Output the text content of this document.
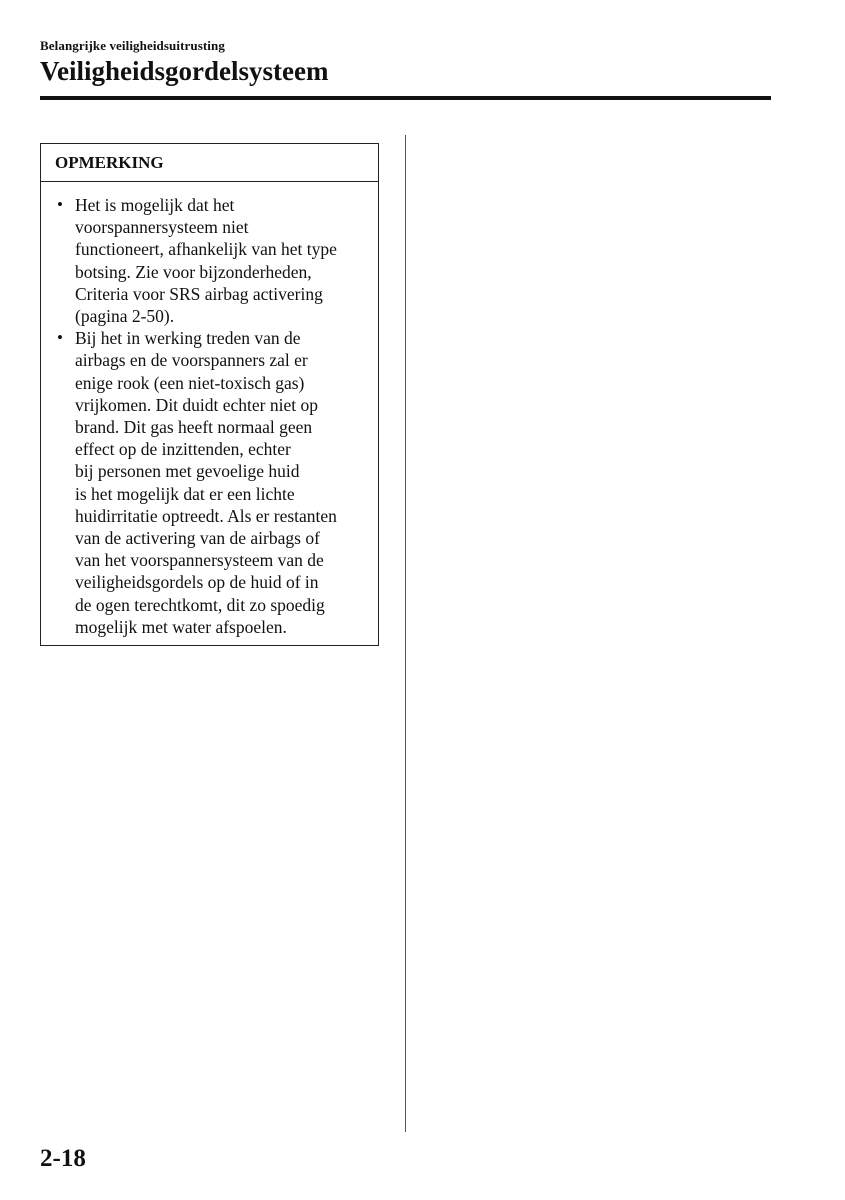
Belangrijke veiligheidsuitrusting
Veiligheidsgordelsysteem
OPMERKING
• Het is mogelijk dat het
voorspannersysteem niet
functioneert, afhankelijk van het type
botsing. Zie voor bijzonderheden,
Criteria voor SRS airbag activering
(pagina 2-50).
• Bij het in werking treden van de
airbags en de voorspanners zal er
enige rook (een niet-toxisch gas)
vrijkomen. Dit duidt echter niet op
brand. Dit gas heeft normaal geen
effect op de inzittenden, echter
bij personen met gevoelige huid
is het mogelijk dat er een lichte
huidirritatie optreedt. Als er restanten
van de activering van de airbags of
van het voorspannersysteem van de
veiligheidsgordels op de huid of in
de ogen terechtkomt, dit zo spoedig
mogelijk met water afspoelen.
2-18
